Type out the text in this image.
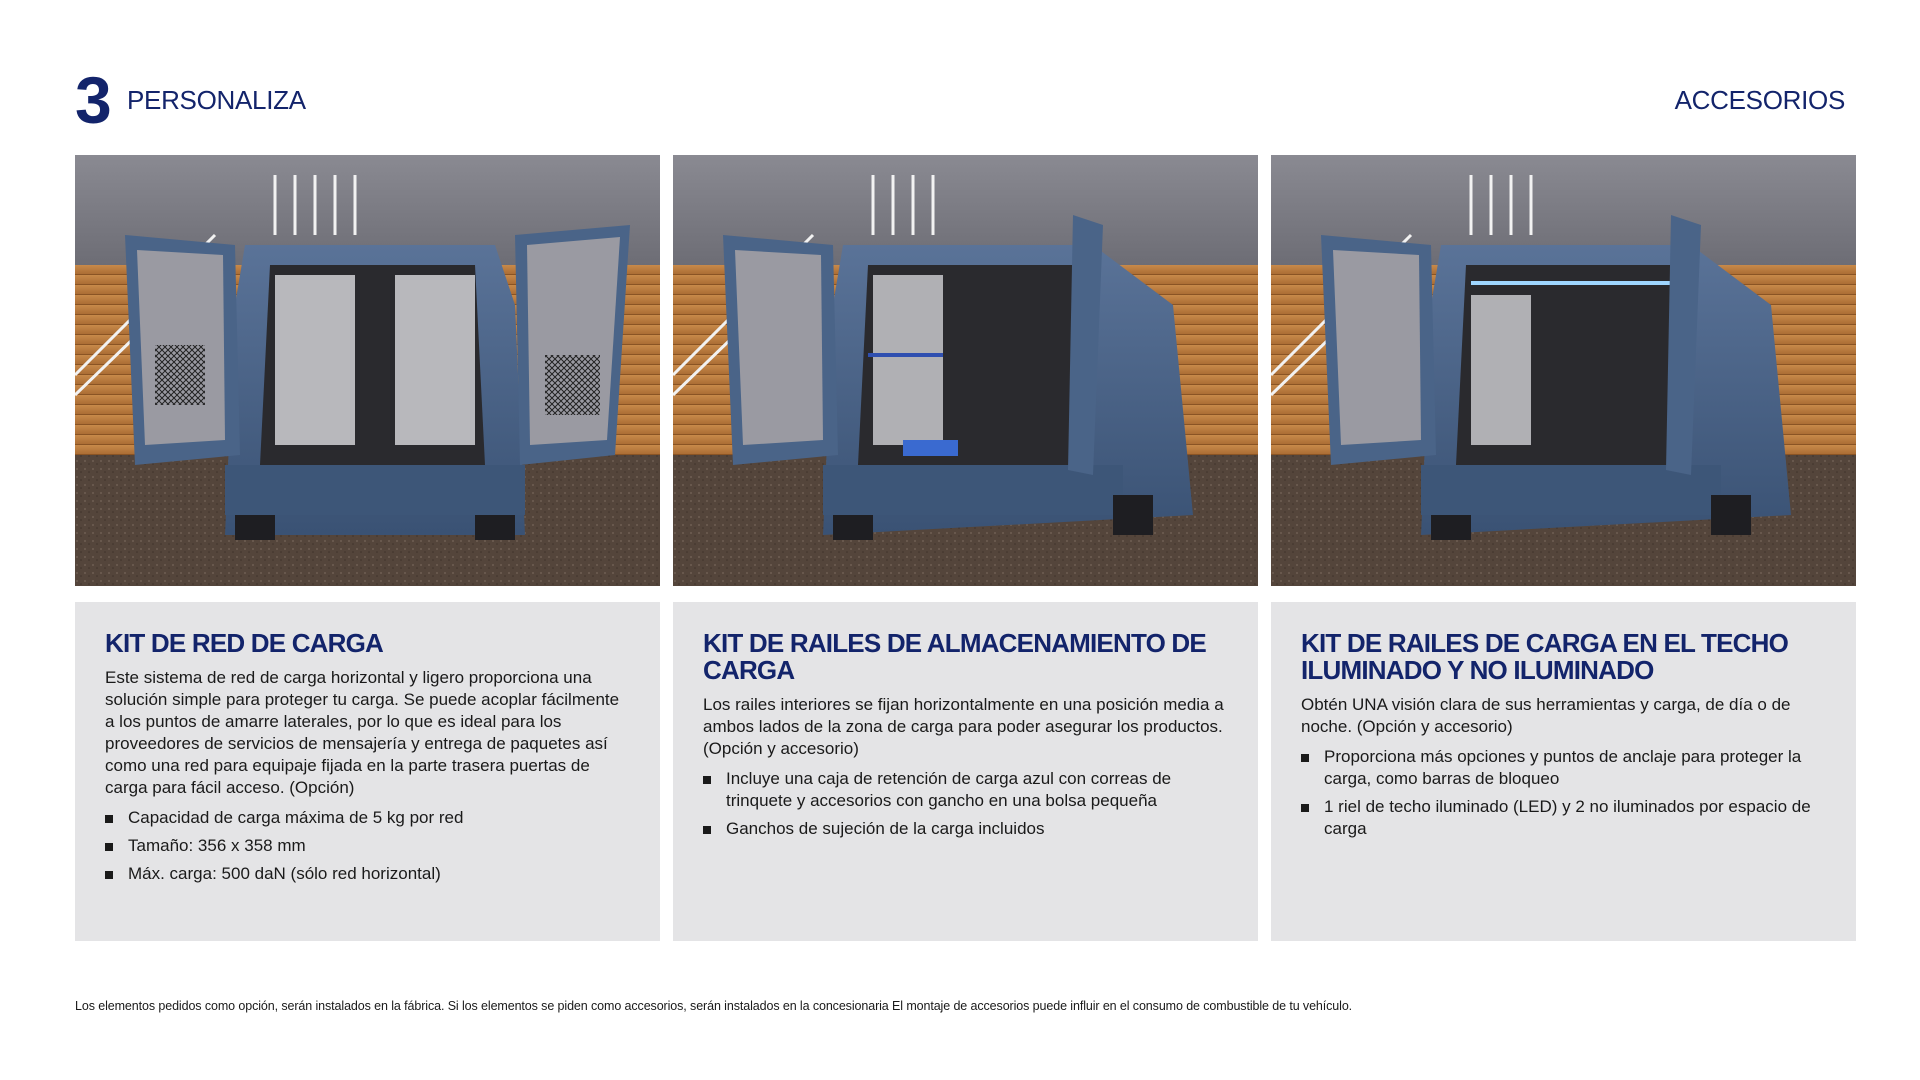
3 PERSONALIZA	ACCESORIOS
KIT DE RED DE CARGA

Este sistema de red de carga horizontal y ligero proporciona una solución simple para proteger tu carga. Se puede acoplar fácilmente a los puntos de amarre laterales, por lo que es ideal para los proveedores de servicios de mensajería y entrega de paquetes así como una red para equipaje fijada en la parte trasera puertas de carga para fácil acceso. (Opción)

Capacidad de carga máxima de 5 kg por red
Tamaño: 356 x 358 mm
Máx. carga: 500 daN (sólo red horizontal)
KIT DE RAILES DE ALMACENAMIENTO DE CARGA

Los railes interiores se fijan horizontalmente en una posición media a ambos lados de la zona de carga para poder asegurar los productos. (Opción y accesorio)

Incluye una caja de retención de carga azul con correas de trinquete y accesorios con gancho en una bolsa pequeña
Ganchos de sujeción de la carga incluidos
KIT DE RAILES DE CARGA EN EL TECHO ILUMINADO Y NO ILUMINADO

Obtén UNA visión clara de sus herramientas y carga, de día o de noche. (Opción y accesorio)

Proporciona más opciones y puntos de anclaje para proteger la carga, como barras de bloqueo
1 riel de techo iluminado (LED) y 2 no iluminados por espacio de carga
Los elementos pedidos como opción, serán instalados en la fábrica. Si los elementos se piden como accesorios, serán instalados en la concesionaria El montaje de accesorios puede influir en el consumo de combustible de tu vehículo.
